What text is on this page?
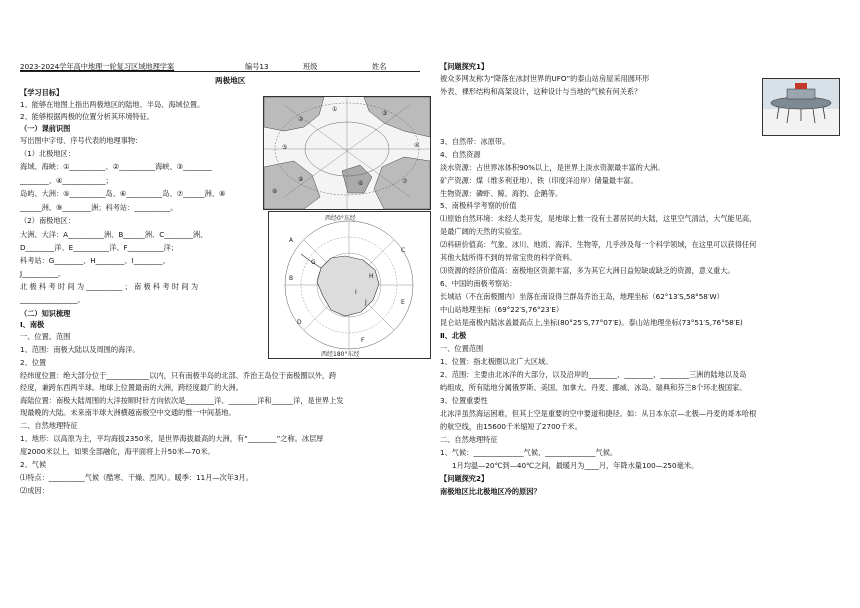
2023-2024学年高中地理一轮复习区域地理学案	编号13	班级	姓名
两极地区
【学习目标】
1、能够在地图上指出两极地区的陆地、半岛、海域位置。
2、能够根据两极的位置分析其环境特征。
（一）课前识图
写出图中字母、序号代表的地理事物：
（1）北极地区：
海域、海峡：①__________、②__________海峡、③________
________、④____________；
岛屿、大洲：⑤__________岛、⑥__________岛、⑦______洲、⑧
______洲、⑨________洲；科考站：__________。
（2）南极地区：
大洲、大洋：A__________洲、B______洲、C________洲、
D________洋、E__________洋、F__________洋；
科考站：G________、H________、I________、
J__________。
北 极 科 考 时 间 为 __________ ； 南 极 科 考 时 间 为
________________。
（二）知识梳理
Ⅰ、南极
一、位置、范围
1、范围：南极大陆以及周围的海洋。
2、位置
经纬度位置：绝大部分位于____________以内，只有南极半岛的北部、乔治王岛位于南极圈以外，跨
经度，兼跨东西两半球。地球上位置最南的大洲，跨经度最广的大洲。
海陆位置：南极大陆周围的大洋按顺时针方向依次是________洋、________洋和______洋，是世界上发
现最晚的大陆。未来南半球大洲横越南极空中交通的惟一中间基地。
二、自然地理特征
1、地形：以高原为主，平均海拔2350米，是世界海拔最高的大洲，有“________”之称。冰层厚
度2000米以上，如果全部融化，海平面将上升50米—70米。
2、气候
⑴特点：__________气候（酷寒、干燥、烈风）。暖季：11月—次年3月。
⑵成因：
①
②
③
④
⑤
⑥	⑦
⑧
⑨
西经0°东经
西经180°东经
A
B
C
D
E
F
G
H
I
J
【问题探究1】
被众多网友称为“降落在冰封世界的UFO”的泰山站房屋采用圆环形
外表、裸形结构和高架设计，这种设计与当地的气候有何关系？
3、自然带：冰原带。
4、自然资源
淡水资源：占世界冰体积90%以上，是世界上淡水资源最丰富的大洲。
矿产资源：煤（维多利亚地）、铁（印度洋沿岸）储量最丰富。
生物资源：磷虾、鲸、海豹、企鹅等。
5、南极科学考察的价值
⑴原始自然环境：未经人类开发，是地球上惟一没有土著居民的大陆，这里空气清洁，大气能见高，
是最广阔的天然的实验室。
⑵科研价值高：气象、冰川、地质、海洋、生物等，几乎涉及每一个科学领域，在这里可以获得任何
其他大陆所得不到的异常宝贵的科学资料。
⑶资源的经济价值高：南极地区资源丰富，多为其它大洲日益短缺或缺乏的资源，意义重大。
6、中国的南极考察站：
长城站（不在南极圈内）坐落在南设得兰群岛乔治王岛，地理坐标（62°13′S,58°58′W）
中山站地理坐标（69°22′S,76°23′E）
昆仑站是南极内陆冰盖最高点上,坐标(80°25′S,77°07′E)。泰山站地理坐标(73°51′S,76°58′E)
Ⅱ、北极
一、位置范围
1、位置：指北极圈以北广大区域。
2、范围：主要由北冰洋的大部分，以及沿岸的________、________、________三洲的陆地以及岛
屿组成，所有陆地分属俄罗斯、美国、加拿大、丹麦、挪威、冰岛、瑞典和芬兰8个环北极国家。
3、位置重要性
北冰洋虽然海运困难，但其上空是重要的空中要道和捷径。如：从日本东京—北极—丹麦的哥本哈根
的航空线，由15600千米缩短了2700千米。
二、自然地理特征
1、气候：______________气候、______________气候。
1月均温—20℃到—40℃之间，最暖月为____月，年降水量100—250毫米。
【问题探究2】
南极地区比北极地区冷的原因？
